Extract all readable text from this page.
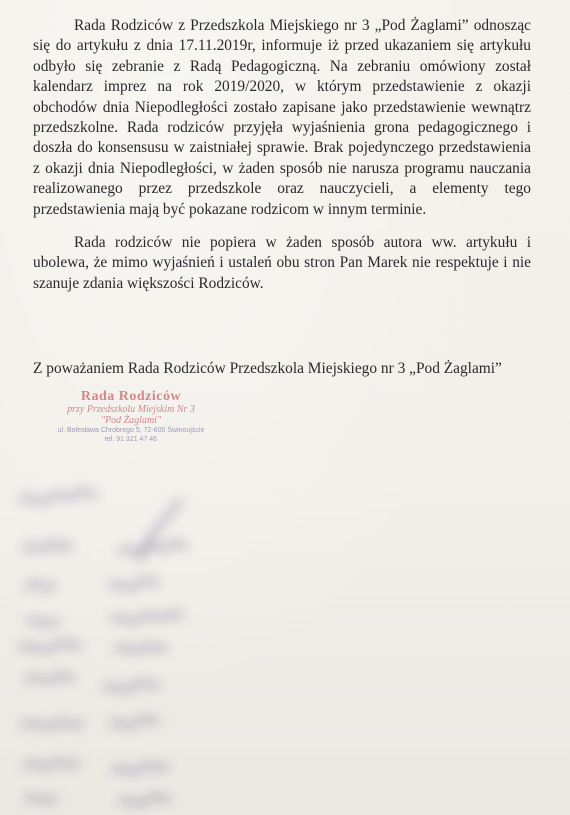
Rada Rodziców z Przedszkola Miejskiego nr 3 „Pod Żaglami” odnosząc się do artykułu z dnia 17.11.2019r, informuje iż przed ukazaniem się artykułu odbyło się zebranie z Radą Pedagogiczną. Na zebraniu omówiony został kalendarz imprez na rok 2019/2020, w którym przedstawienie z okazji obchodów dnia Niepodległości zostało zapisane jako przedstawienie wewnątrz przedszkolne. Rada rodziców przyjęła wyjaśnienia grona pedagogicznego i doszła do konsensusu w zaistniałej sprawie. Brak pojedynczego przedstawienia z okazji dnia Niepodległości, w żaden sposób nie narusza programu nauczania realizowanego przez przedszkole oraz nauczycieli, a elementy tego przedstawienia mają być pokazane rodzicom w innym terminie.

Rada rodziców nie popiera w żaden sposób autora ww. artykułu i ubolewa, że mimo wyjaśnień i ustaleń obu stron Pan Marek nie respektuje i nie szanuje zdania większości Rodziców.

Z poważaniem Rada Rodziców Przedszkola Miejskiego nr 3 „Pod Żaglami”
Rada Rodziców
przy Przedszkolu Miejskim Nr 3
"Pod Żaglami"
ul. Bolesława Chrobrego 5, 72-600 Świnoujście
tel. 91 321 47 46
